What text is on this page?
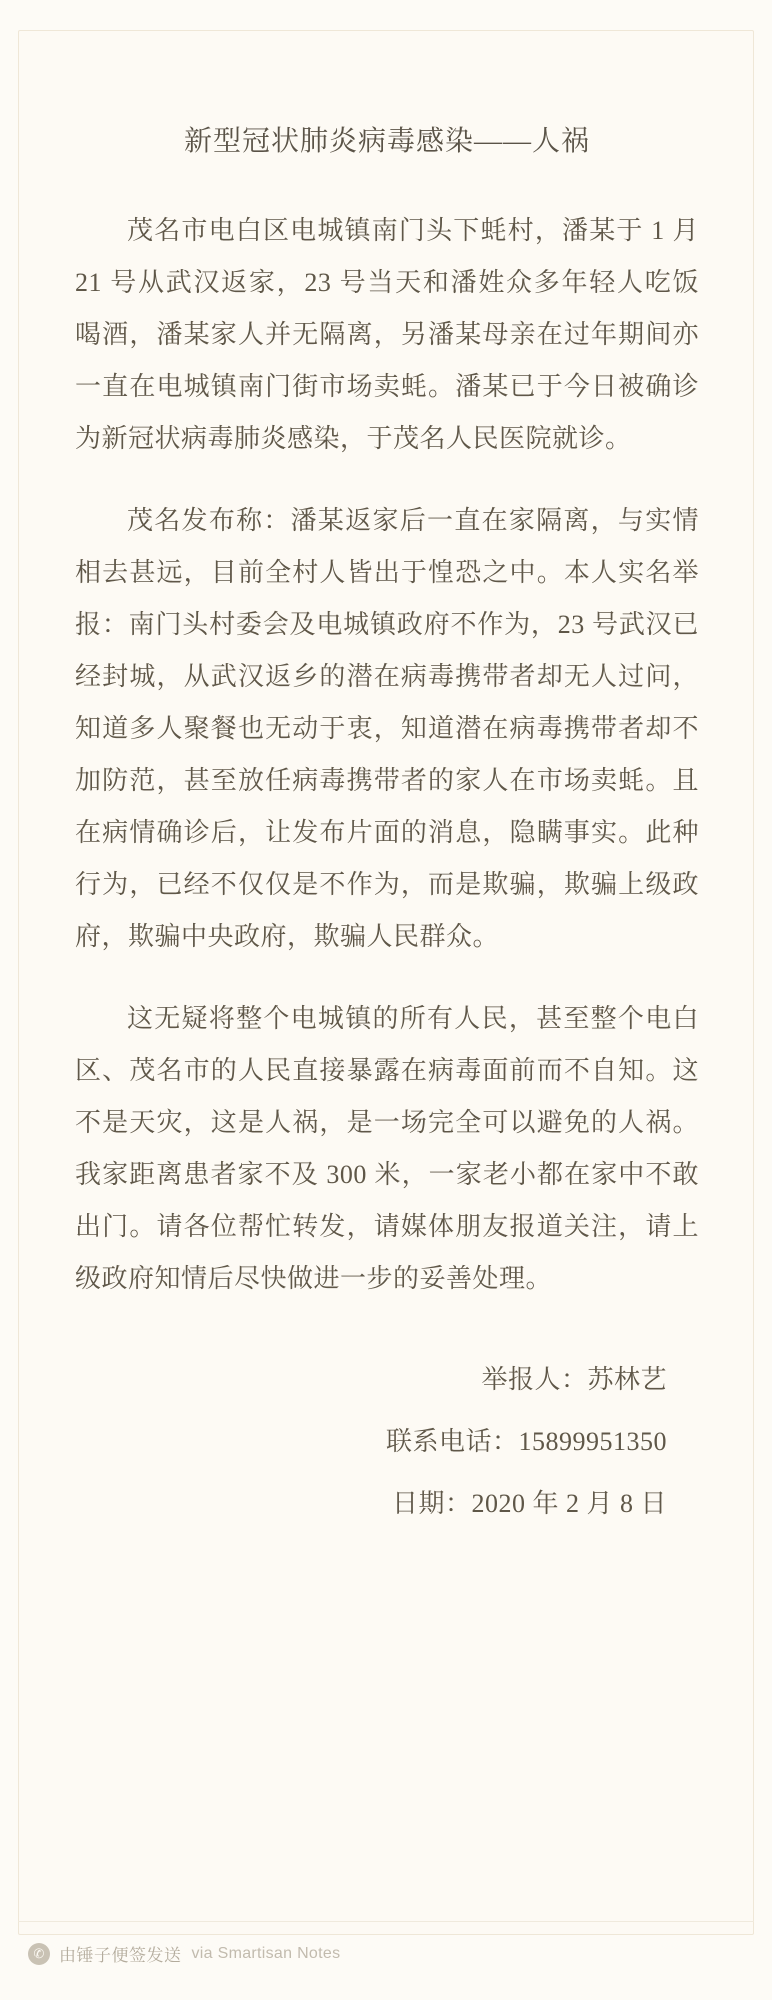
新型冠状肺炎病毒感染——人祸

茂名市电白区电城镇南门头下蚝村，潘某于 1 月 21 号从武汉返家，23 号当天和潘姓众多年轻人吃饭喝酒，潘某家人并无隔离，另潘某母亲在过年期间亦一直在电城镇南门街市场卖蚝。潘某已于今日被确诊为新冠状病毒肺炎感染，于茂名人民医院就诊。

茂名发布称：潘某返家后一直在家隔离，与实情相去甚远，目前全村人皆出于惶恐之中。本人实名举报：南门头村委会及电城镇政府不作为，23 号武汉已经封城，从武汉返乡的潜在病毒携带者却无人过问，知道多人聚餐也无动于衷，知道潜在病毒携带者却不加防范，甚至放任病毒携带者的家人在市场卖蚝。且在病情确诊后，让发布片面的消息，隐瞒事实。此种行为，已经不仅仅是不作为，而是欺骗，欺骗上级政府，欺骗中央政府，欺骗人民群众。

这无疑将整个电城镇的所有人民，甚至整个电白区、茂名市的人民直接暴露在病毒面前而不自知。这不是天灾，这是人祸，是一场完全可以避免的人祸。我家距离患者家不及 300 米，一家老小都在家中不敢出门。请各位帮忙转发，请媒体朋友报道关注，请上级政府知情后尽快做进一步的妥善处理。

举报人：苏林艺
联系电话：15899951350
日期：2020 年 2 月 8 日
✆ 由锤子便签发送 via Smartisan Notes
